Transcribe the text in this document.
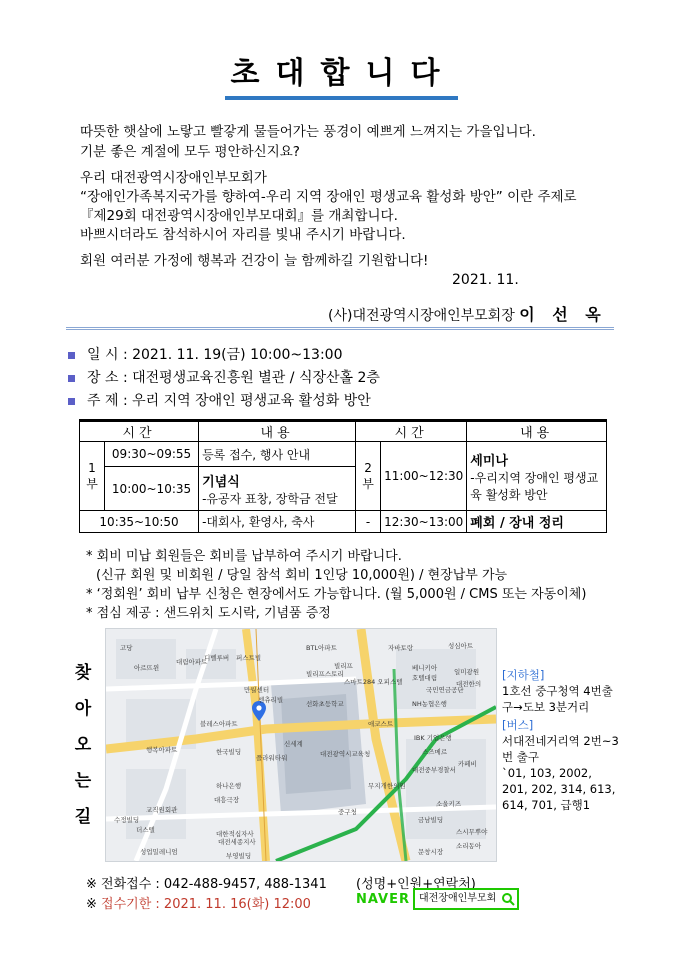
초대합니다
따뜻한 햇살에 노랗고 빨갛게 물들어가는 풍경이 예쁘게 느껴지는 가을입니다.
기분 좋은 계절에 모두 평안하신지요?
우리 대전광역시장애인부모회가
“장애인가족복지국가를 향하여-우리 지역 장애인 평생교육 활성화 방안” 이란 주제로
『제29회 대전광역시장애인부모대회』를 개최합니다.
바쁘시더라도 참석하시어 자리를 빛내 주시기 바랍니다.
회원 여러분 가정에 행복과 건강이 늘 함께하길 기원합니다!
2021. 11.
(사)대전광역시장애인부모회장 이 선 옥
일 시 : 2021. 11. 19(금) 10:00~13:00
장 소 : 대전평생교육진흥원 별관 / 식장산홀 2층
주 제 : 우리 지역 장애인 평생교육 활성화 방안
시간		내용	시간		내용
1부	09:30~09:55	등록 접수, 행사 안내	2부	11:00~12:30	세미나
-우리지역 장애인 평생교육 활성화 방안

	10:00~10:35	기념식
-유공자 표창, 장학금 전달			

10:35~10:50		-대회사, 환영사, 축사	-	12:30~13:00	폐회 / 장내 정리
* 회비 미납 회원들은 회비를 납부하여 주시기 바랍니다.
(신규 회원 및 비회원 / 당일 참석 회비 1인당 10,000원) / 현장납부 가능
* ‘정회원’ 회비 납부 신청은 현장에서도 가능합니다. (월 5,000원 / CMS 또는 자동이체)
* 점심 제공 : 샌드위치 도시락, 기념품 증정
찾
아
오
는
길
고당
아르뜨윈
대림아파트
디벨루버 퍼스트빌
BTL아파트	자바토랑	성심아트
빌리프
빌리프스토리
스마트284 오피스텔
베니키아
호텔대림
일미광원
대전한의
국민연금공단
만월센터
NH농협은행
선화초등학교
센츄리빌
블레스아파트	애코스트
행복아파트
신세계
중구청
대전광역시교육청
한국빌딩
플라워타워
하나은행
대전중부경찰서
스즈메르
IBK 기업은행
카페비
교직원회관
대흥극장
수정빌딩
더스텔
성업밀레니엄
대한적십자사
대전세종지사
부영빌딩
금남빌딩
문창시장
무지개한의원
소울키즈
스시무뿌야
소리동아
[지하철]
1호선 중구청역 4번출구→도보 3분거리
[버스]
서대전네거리역 2번~3번 출구
`01, 103, 2002, 201, 202, 314, 613, 614, 701, 급행1
※ 전화접수 : 042-488-9457, 488-1341 (성명+인원+연락처)
※ 접수기한 : 2021. 11. 16(화) 12:00	NAVER 대전장애인부모회
